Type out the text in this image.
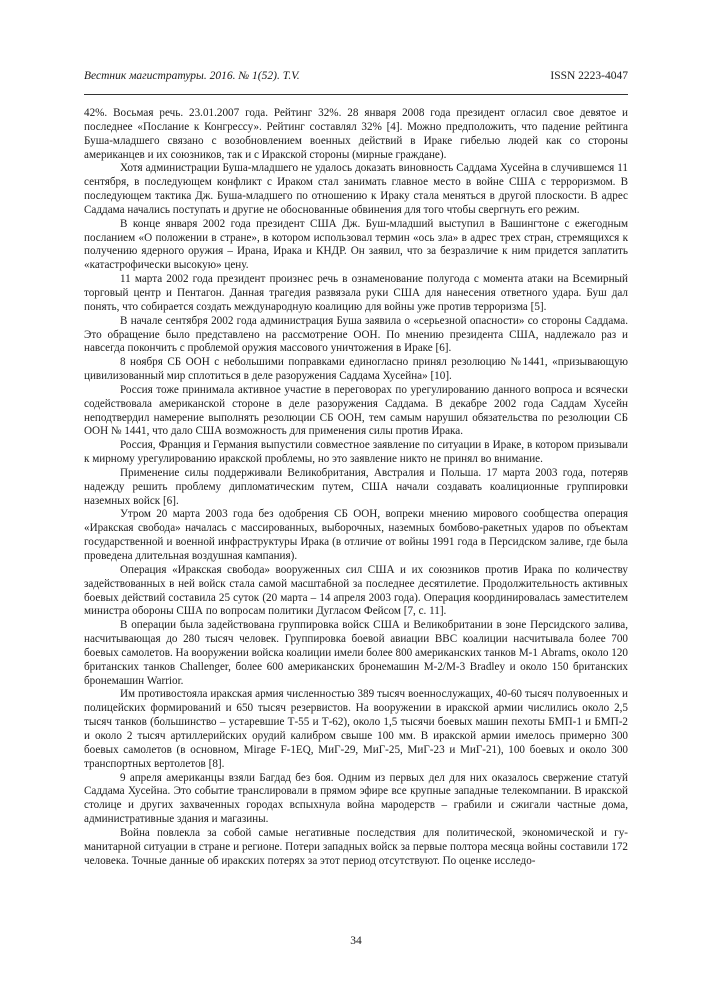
Вестник магистратуры. 2016. № 1(52). Т.V.	ISSN 2223-4047

42%. Восьмая речь. 23.01.2007 года. Рейтинг 32%. 28 января 2008 года президент огласил свое девятое и последнее «Послание к Конгрессу». Рейтинг составлял 32% [4]. Можно предположить, что падение рейтинга Буша-младшего связано с возобновлением военных действий в Ираке гибелью людей как со стороны американцев и их союзников, так и с Иракской стороны (мирные граждане).

Хотя администрации Буша-младшего не удалось доказать виновность Саддама Хусейна в случившемся 11 сентября, в последующем конфликт с Ираком стал занимать главное место в войне США с терроризмом. В последующем тактика Дж. Буша-младшего по отношению к Ираку стала меняться в другой плоскости. В адрес Саддама начались поступать и другие не обоснованные обвинения для того чтобы свергнуть его режим.

В конце января 2002 года президент США Дж. Буш-младший выступил в Вашингтоне с ежегодным посланием «О положении в стране», в котором использовал термин «ось зла» в адрес трех стран, стремящихся к получению ядерного оружия – Ирана, Ирака и КНДР. Он заявил, что за безразличие к ним придется заплатить «катастрофически высокую» цену.

11 марта 2002 года президент произнес речь в ознаменование полугода с момента атаки на Всемирный торговый центр и Пентагон. Данная трагедия развязала руки США для нанесения ответного удара. Буш дал понять, что собирается создать международную коалицию для войны уже против терроризма [5].

В начале сентября 2002 года администрация Буша заявила о «серьезной опасности» со стороны Саддама. Это обращение было представлено на рассмотрение ООН. По мнению президента США, надлежало раз и навсегда покончить с проблемой оружия массового уничтожения в Ираке [6].

8 ноября СБ ООН с небольшими поправками единогласно принял резолюцию №1441, «призывающую цивилизованный мир сплотиться в деле разоружения Саддама Хусейна» [10].

Россия тоже принимала активное участие в переговорах по урегулированию данного вопроса и всячески содействовала американской стороне в деле разоружения Саддама. В декабре 2002 года Саддам Хусейн неподтвердил намерение выполнять резолюции СБ ООН, тем самым нарушил обязательства по резолюции СБ ООН № 1441, что дало США возможность для применения силы против Ирака.

Россия, Франция и Германия выпустили совместное заявление по ситуации в Ираке, в котором призывали к мирному урегулированию иракской проблемы, но это заявление никто не принял во внимание.

Применение силы поддерживали Великобритания, Австралия и Польша. 17 марта 2003 года, потеряв надежду решить проблему дипломатическим путем, США начали создавать коалиционные группировки наземных войск [6].

Утром 20 марта 2003 года без одобрения СБ ООН, вопреки мнению мирового сообщества операция «Иракская свобода» началась с массированных, выборочных, наземных бомбово-ракетных ударов по объектам государственной и военной инфраструктуры Ирака (в отличие от войны 1991 года в Персидском заливе, где была проведена длительная воздушная кампания).

Операция «Иракская свобода» вооруженных сил США и их союзников против Ирака по количеству задействованных в ней войск стала самой масштабной за последнее десятилетие. Продолжительность активных боевых действий составила 25 суток (20 марта – 14 апреля 2003 года). Операция координировалась заместителем министра обороны США по вопросам политики Дугласом Фейсом [7, с. 11].

В операции была задействована группировка войск США и Великобритании в зоне Персидского залива, насчитывающая до 280 тысяч человек. Группировка боевой авиации ВВС коалиции насчитывала более 700 боевых самолетов. На вооружении войска коалиции имели более 800 американских танков М-1 Abrams, около 120 британских танков Challenger, более 600 американских бронемашин М-2/М-3 Bradley и около 150 британских бронемашин Warrior.

Им противостояла иракская армия численностью 389 тысяч военнослужащих, 40-60 тысяч полувоенных и полицейских формирований и 650 тысяч резервистов. На вооружении в иракской армии числились около 2,5 тысяч танков (большинство – устаревшие Т-55 и Т-62), около 1,5 тысячи боевых машин пехоты БМП-1 и БМП-2 и около 2 тысяч артиллерийских орудий калибром свыше 100 мм. В иракской армии имелось примерно 300 боевых самолетов (в основном, Mirage F-1EQ, МиГ-29, МиГ-25, МиГ-23 и МиГ-21), 100 боевых и около 300 транспортных вертолетов [8].

9 апреля американцы взяли Багдад без боя. Одним из первых дел для них оказалось свержение статуй Саддама Хусейна. Это событие транслировали в прямом эфире все крупные западные телекомпании. В иракской столице и других захваченных городах вспыхнула война мародерств – грабили и сжигали частные дома, административные здания и магазины.

Война повлекла за собой самые негативные последствия для политической, экономической и гуманитарной ситуации в стране и регионе. Потери западных войск за первые полтора месяца войны составили 172 человека. Точные данные об иракских потерях за этот период отсутствуют. По оценке исследо-

34
